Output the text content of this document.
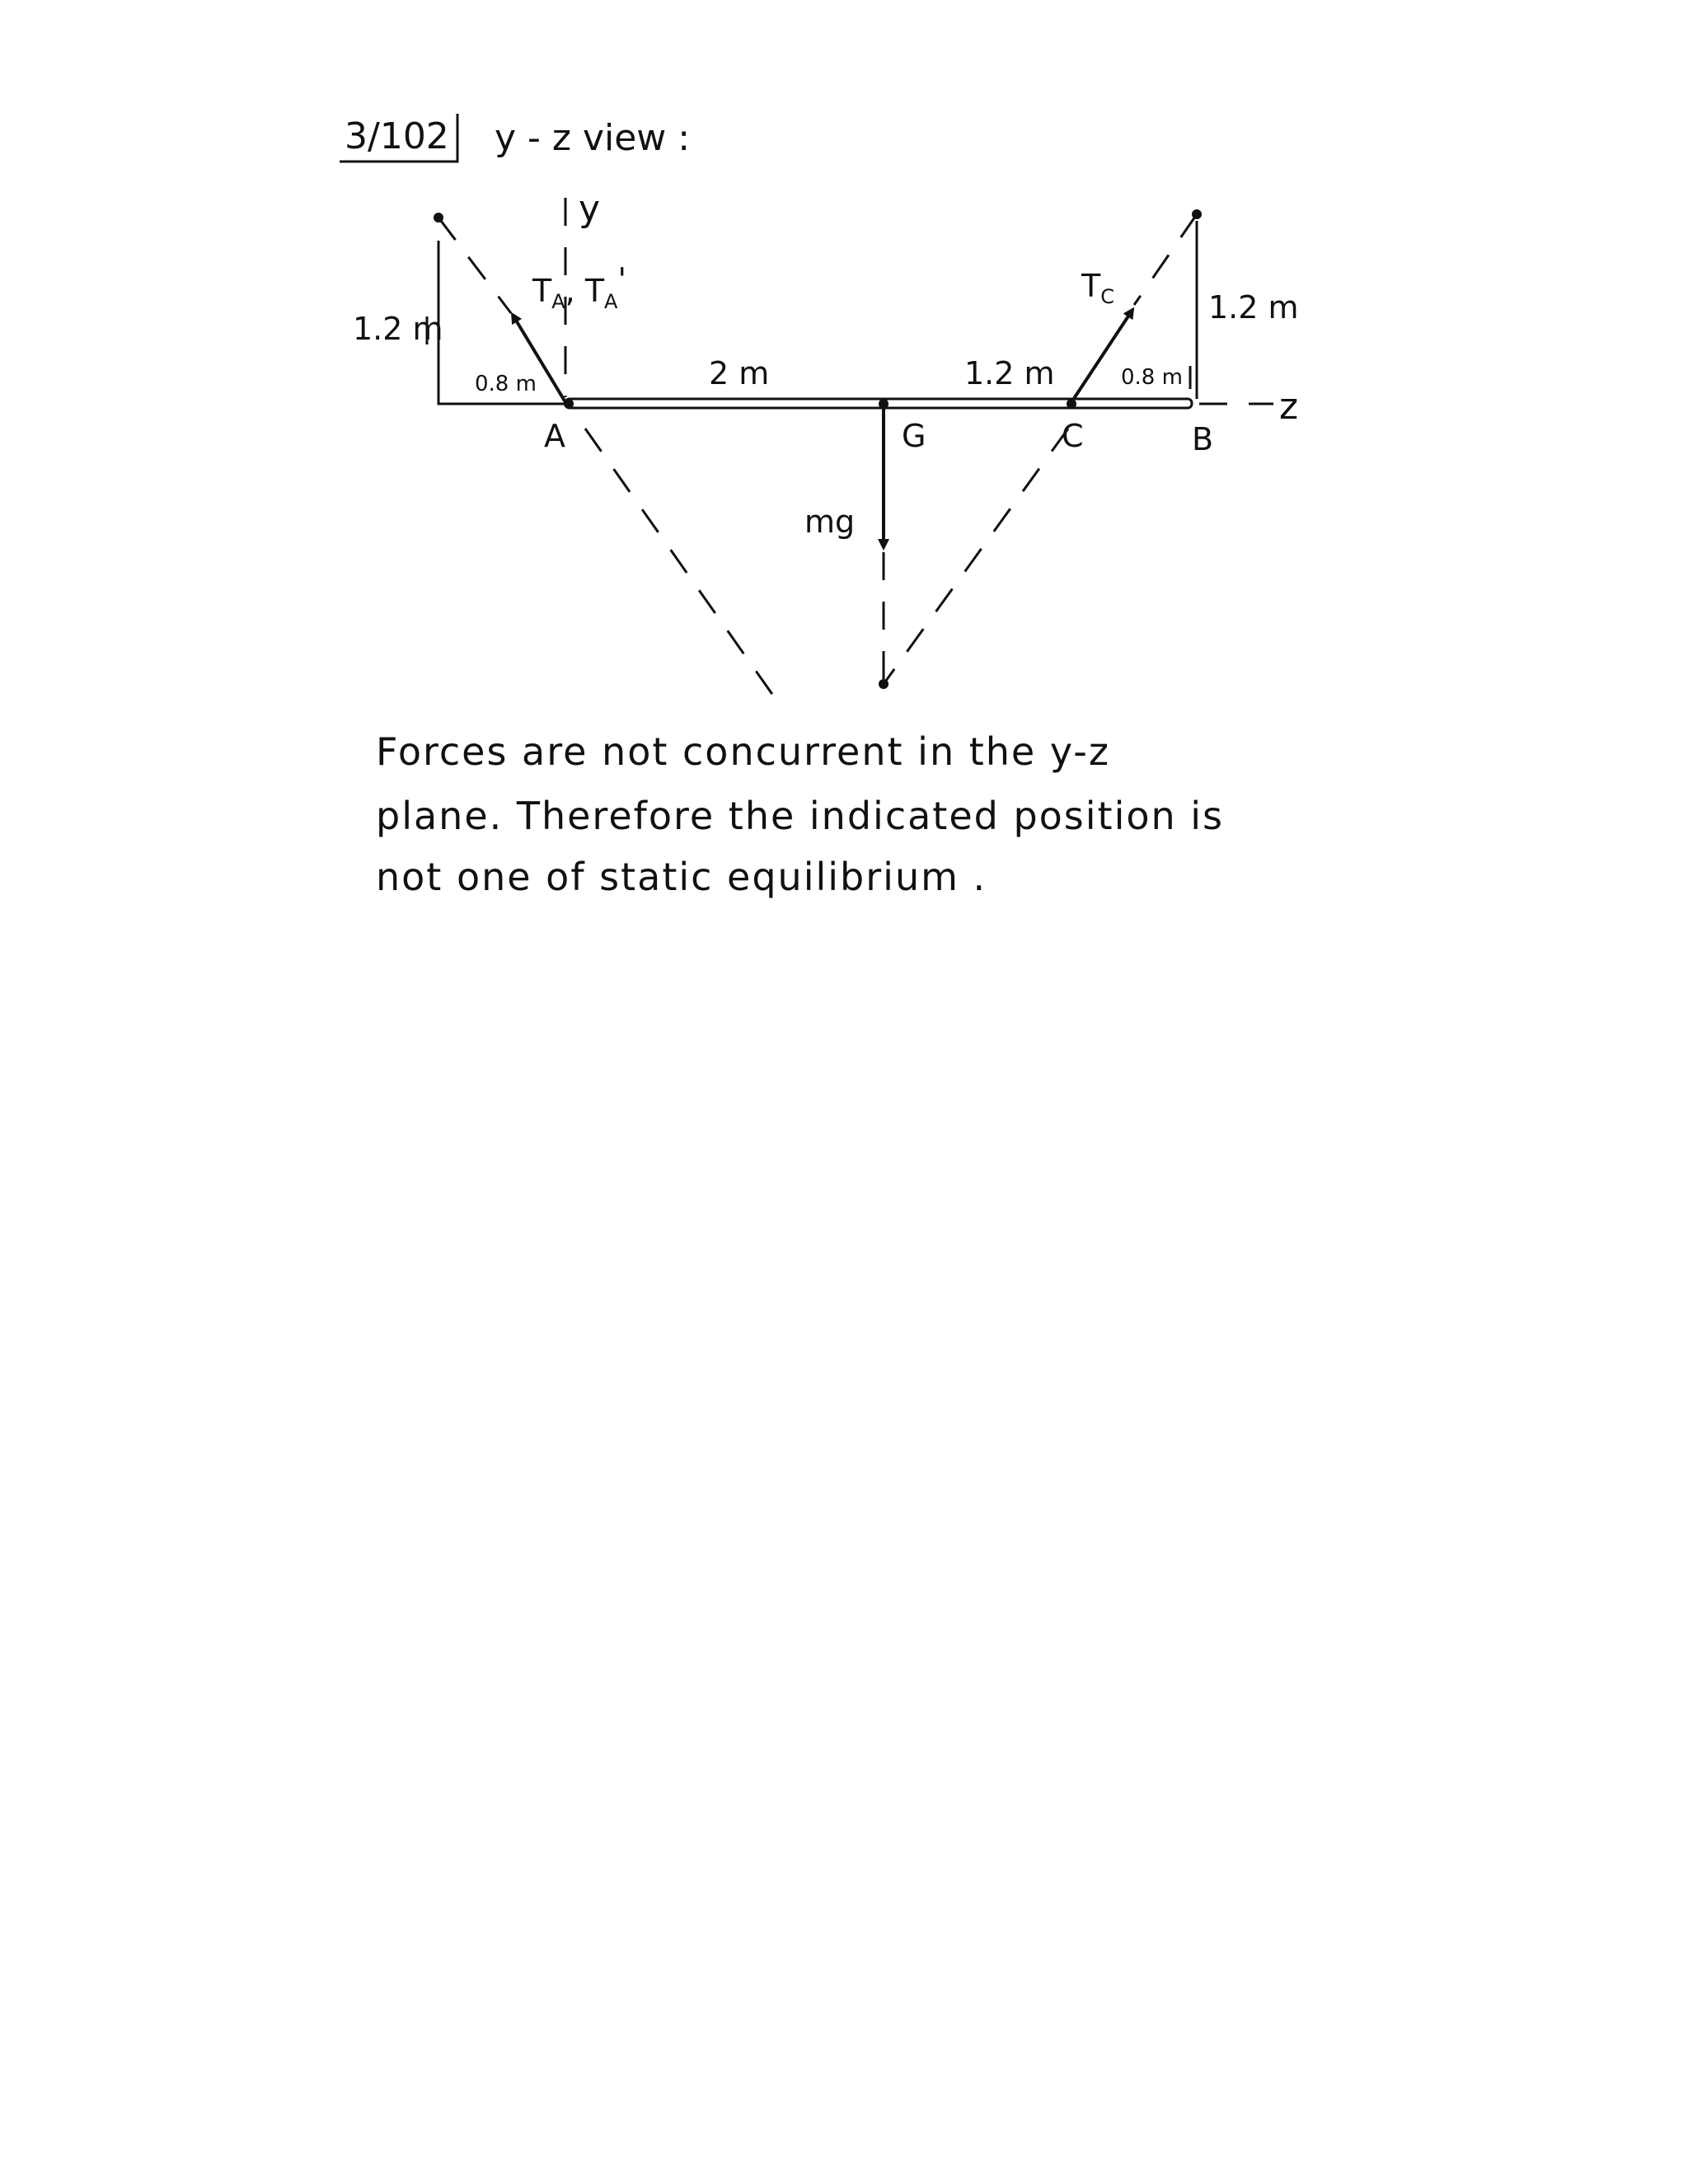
3/102 y - z view :
y
z
1.2 m
0.8 m
1.2 m
0.8 m
2 m	1.2 m
$T_A$, $T_A'$	$T_C$
mg
A	G	C	B
Forces are not concurrent in the y-z
plane. Therefore the indicated position is
not one of static equilibrium .
